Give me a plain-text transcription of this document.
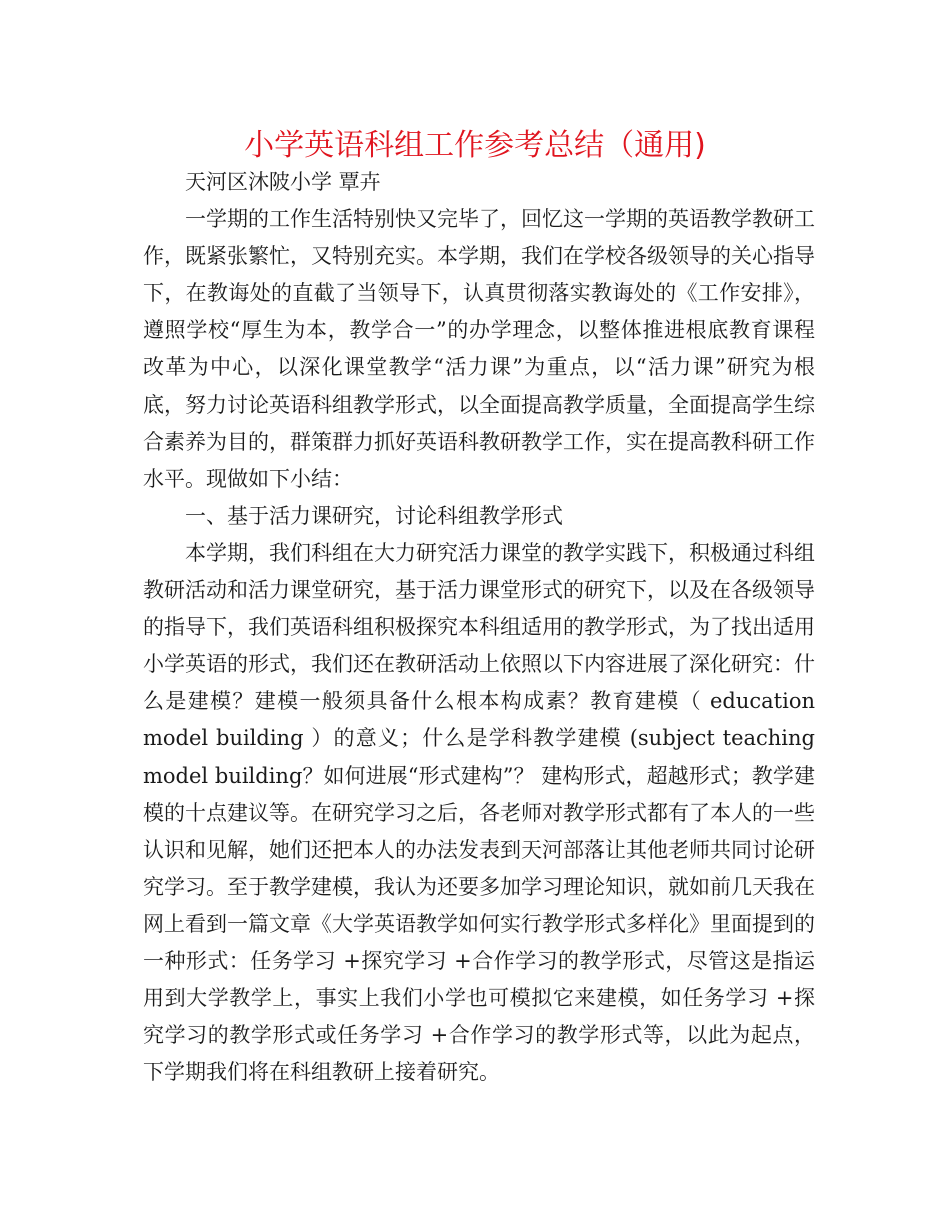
小学英语科组工作参考总结（通用)

天河区沐陂小学 覃卉

一学期的工作生活特别快又完毕了，回忆这一学期的英语教学教研工作，既紧张繁忙，又特别充实。本学期，我们在学校各级领导的关心指导下，在教诲处的直截了当领导下，认真贯彻落实教诲处的《工作安排》，遵照学校“厚生为本，教学合一”的办学理念，以整体推进根底教育课程改革为中心，以深化课堂教学“活力课”为重点，以“活力课”研究为根底，努力讨论英语科组教学形式，以全面提高教学质量，全面提高学生综合素养为目的，群策群力抓好英语科教研教学工作，实在提高教科研工作水平。现做如下小结：

一、基于活力课研究，讨论科组教学形式

本学期，我们科组在大力研究活力课堂的教学实践下，积极通过科组教研活动和活力课堂研究，基于活力课堂形式的研究下，以及在各级领导的指导下，我们英语科组积极探究本科组适用的教学形式，为了找出适用小学英语的形式，我们还在教研活动上依照以下内容进展了深化研究：什么是建模？建模一般须具备什么根本构成素？教育建模（ education model building ）的意义；什么是学科教学建模 (subject teaching model building？如何进展“形式建构”？ 建构形式，超越形式；教学建模的十点建议等。在研究学习之后，各老师对教学形式都有了本人的一些认识和见解，她们还把本人的办法发表到天河部落让其他老师共同讨论研究学习。至于教学建模，我认为还要多加学习理论知识，就如前几天我在网上看到一篇文章《大学英语教学如何实行教学形式多样化》里面提到的一种形式：任务学习 +探究学习 +合作学习的教学形式，尽管这是指运用到大学教学上，事实上我们小学也可模拟它来建模，如任务学习 +探究学习的教学形式或任务学习 +合作学习的教学形式等，以此为起点，下学期我们将在科组教研上接着研究。
